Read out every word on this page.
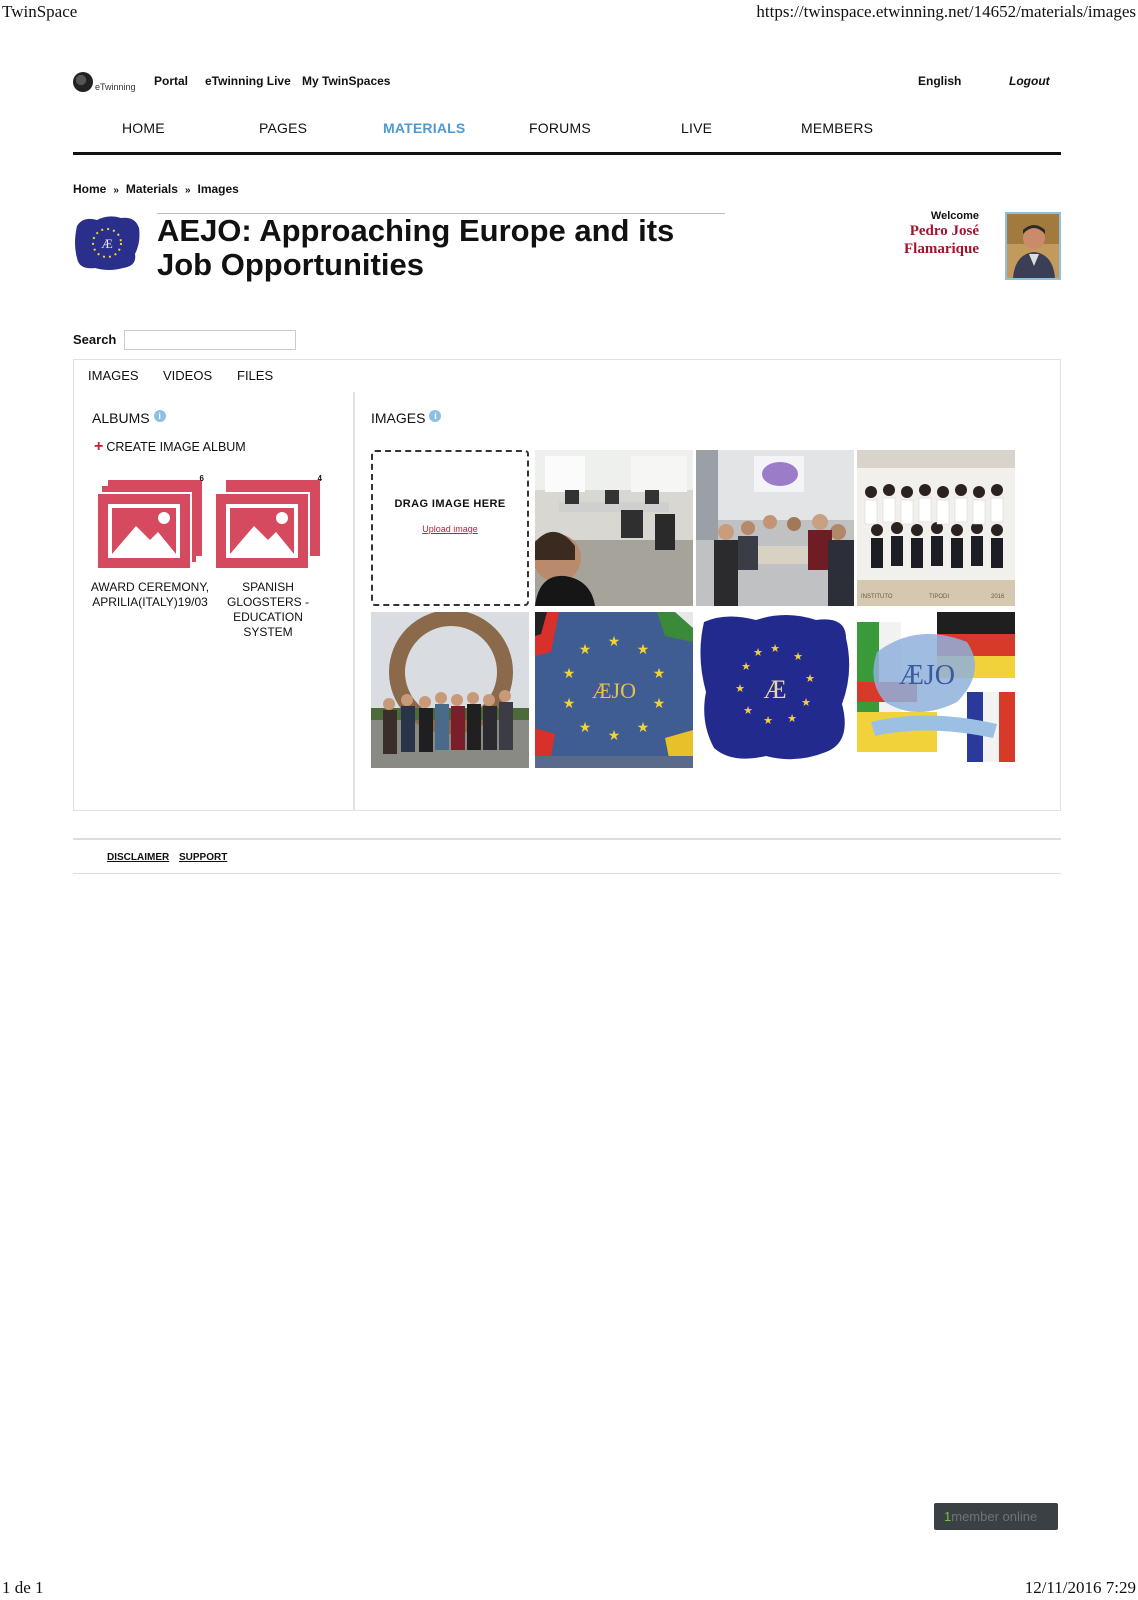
TwinSpace	https://twinspace.etwinning.net/14652/materials/images
eTwinning Portal eTwinning Live My TwinSpaces	English	Logout
HOME	PAGES	MATERIALS	FORUMS	LIVE	MEMBERS
Home » Materials » Images
Æ AEJO: Approaching Europe and its Job Opportunities
Welcome
Pedro José Flamarique
Search
IMAGES VIDEOS FILES
ALBUMS i
+ CREATE IMAGE ALBUM
6
AWARD CEREMONY, APRILIA(ITALY)19/03
4
SPANISH GLOGSTERS - EDUCATION SYSTEM
IMAGES i
DRAG IMAGE HERE
Upload image
INSTITUTO	TIPODI	2016
★ ★
★
★
★
★
★
★
★
★
ÆJO
★
★
★
★
★
★
★
★
★
★
Æ	ÆJO
DISCLAIMER SUPPORT
1member online
1 de 1	12/11/2016 7:29
